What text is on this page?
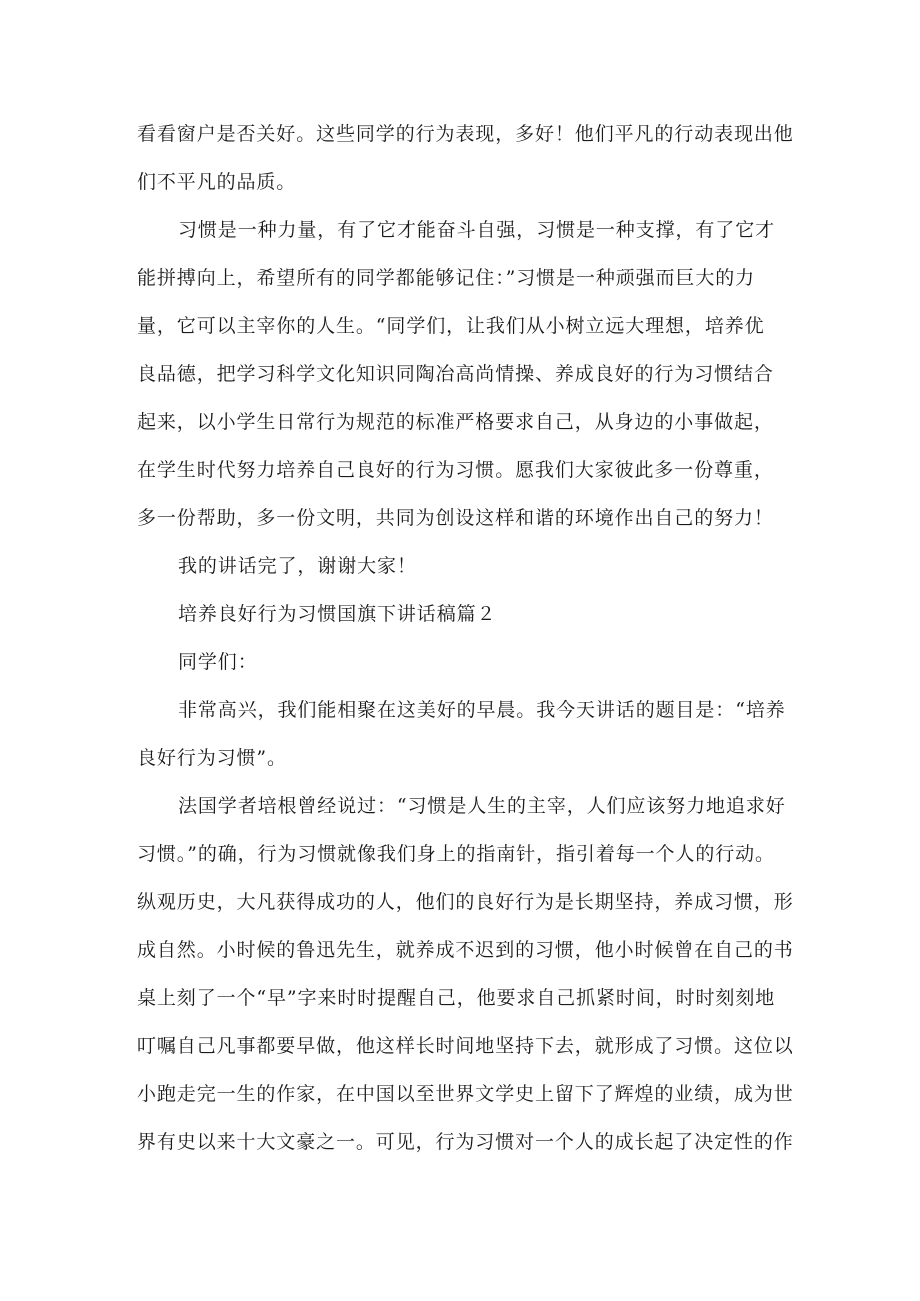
看看窗户是否关好。这些同学的行为表现，多好！他们平凡的行动表现出他

们不平凡的品质。

习惯是一种力量，有了它才能奋斗自强，习惯是一种支撑，有了它才

能拼搏向上，希望所有的同学都能够记住：”习惯是一种顽强而巨大的力

量，它可以主宰你的人生。“同学们，让我们从小树立远大理想，培养优

良品德，把学习科学文化知识同陶冶高尚情操、养成良好的行为习惯结合

起来，以小学生日常行为规范的标准严格要求自己，从身边的小事做起，

在学生时代努力培养自己良好的行为习惯。愿我们大家彼此多一份尊重，

多一份帮助，多一份文明，共同为创设这样和谐的环境作出自己的努力！

我的讲话完了，谢谢大家！

培养良好行为习惯国旗下讲话稿篇２

同学们：

非常高兴，我们能相聚在这美好的早晨。我今天讲话的题目是：“培养

良好行为习惯”。

法国学者培根曾经说过：“习惯是人生的主宰，人们应该努力地追求好

习惯。”的确，行为习惯就像我们身上的指南针，指引着每一个人的行动。

纵观历史，大凡获得成功的人，他们的良好行为是长期坚持，养成习惯，形

成自然。小时候的鲁迅先生，就养成不迟到的习惯，他小时候曾在自己的书

桌上刻了一个“早”字来时时提醒自己，他要求自己抓紧时间，时时刻刻地

叮嘱自己凡事都要早做，他这样长时间地坚持下去，就形成了习惯。这位以

小跑走完一生的作家，在中国以至世界文学史上留下了辉煌的业绩，成为世

界有史以来十大文豪之一。可见，行为习惯对一个人的成长起了决定性的作
